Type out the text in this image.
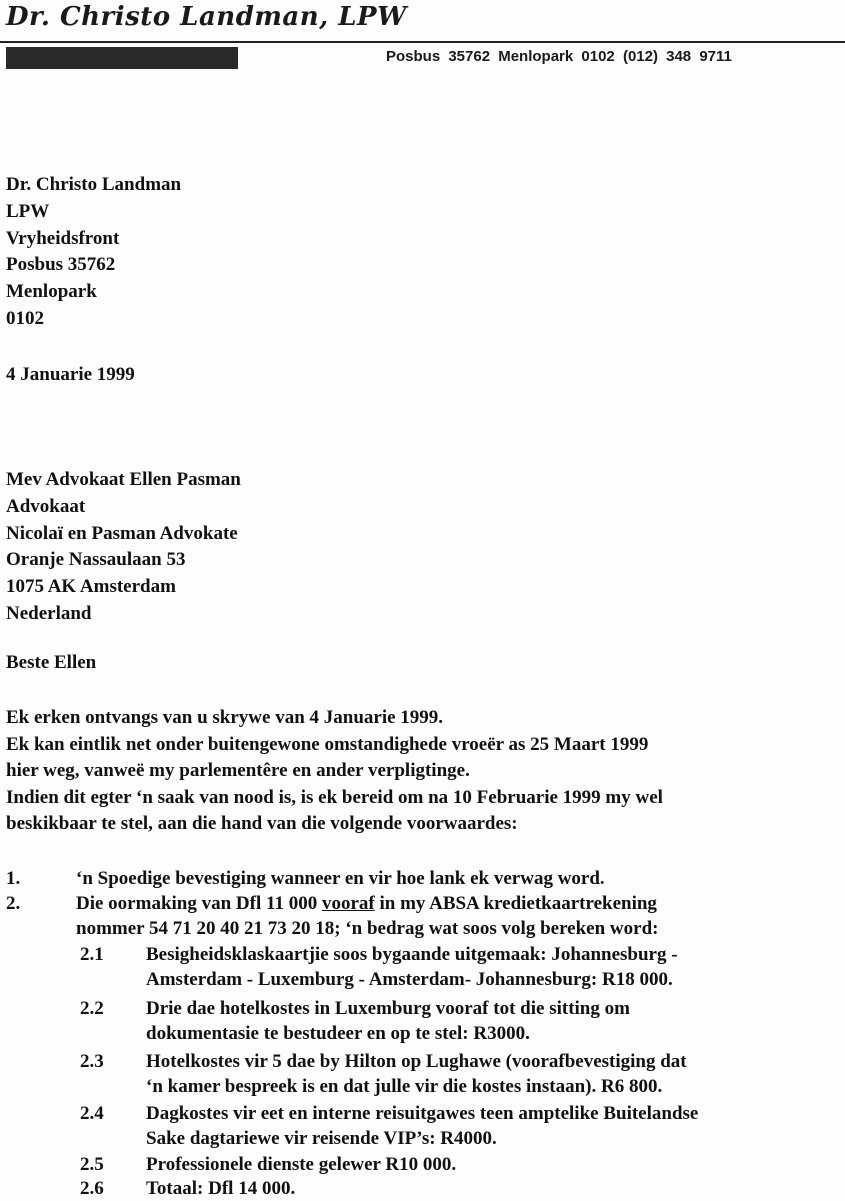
Dr. Christo Landman, LPW
Posbus 35762 Menlopark 0102 (012) 348 9711
Dr. Christo Landman
LPW
Vryheidsfront
Posbus 35762
Menlopark
0102
4 Januarie 1999
Mev Advokaat Ellen Pasman
Advokaat
Nicolaï en Pasman Advokate
Oranje Nassaulaan 53
1075 AK Amsterdam
Nederland
Beste Ellen
Ek erken ontvangs van u skrywe van 4 Januarie 1999.
Ek kan eintlik net onder buitengewone omstandighede vroeër as 25 Maart 1999
hier weg, vanweë my parlementêre en ander verpligtinge.
Indien dit egter ‘n saak van nood is, is ek bereid om na 10 Februarie 1999 my wel
beskikbaar te stel, aan die hand van die volgende voorwaardes:
1.	‘n Spoedige bevestiging wanneer en vir hoe lank ek verwag word.
2.	Die oormaking van Dfl 11 000 vooraf in my ABSA kredietkaartrekening
nommer 54 71 20 40 21 73 20 18; ‘n bedrag wat soos volg bereken word:
2.1 Besigheidsklaskaartjie soos bygaande uitgemaak: Johannesburg -
Amsterdam - Luxemburg - Amsterdam- Johannesburg: R18 000.
2.2 Drie dae hotelkostes in Luxemburg vooraf tot die sitting om
dokumentasie te bestudeer en op te stel: R3000.
2.3 Hotelkostes vir 5 dae by Hilton op Lughawe (voorafbevestiging dat
‘n kamer bespreek is en dat julle vir die kostes instaan). R6 800.
2.4 Dagkostes vir eet en interne reisuitgawes teen amptelike Buitelandse
Sake dagtariewe vir reisende VIP’s: R4000.
2.5 Professionele dienste gelewer R10 000.
2.6 Totaal: Dfl 14 000.
